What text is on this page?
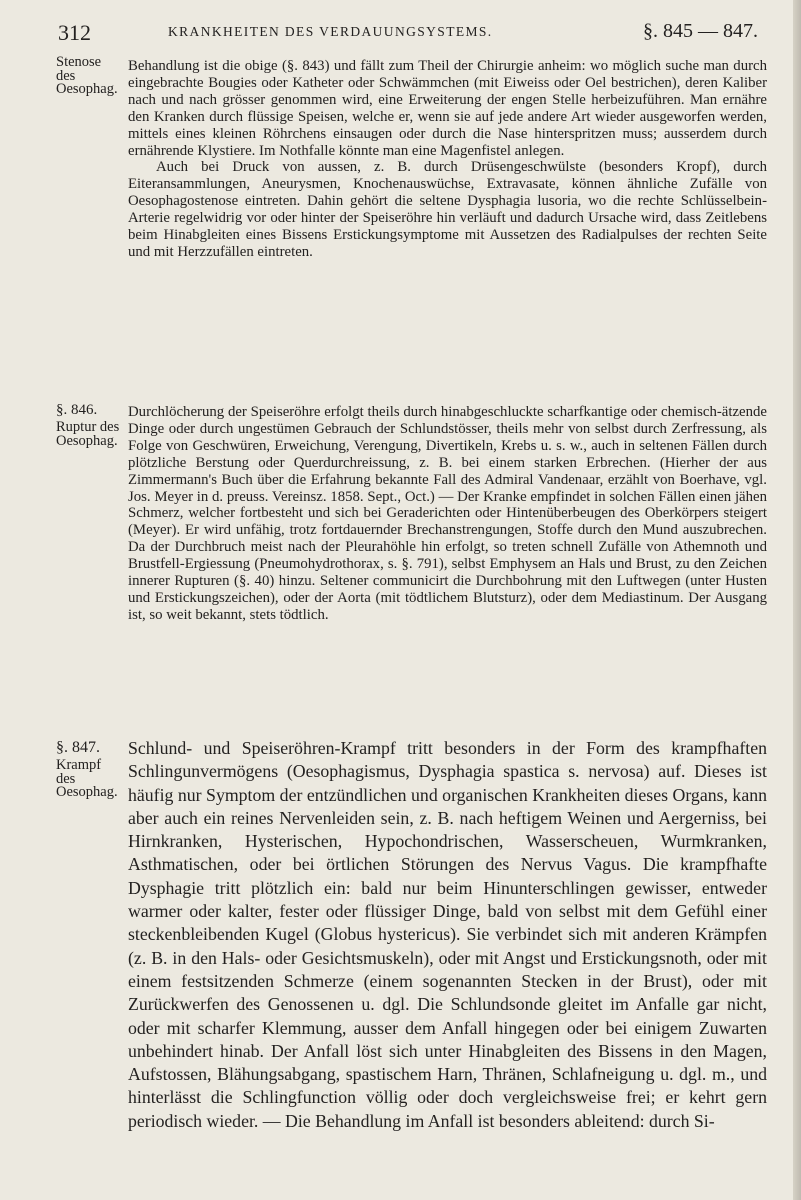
312	KRANKHEITEN DES VERDAUUNGSYSTEMS.	§. 845 — 847.
Stenose des Oesophag.

Behandlung ist die obige (§. 843) und fällt zum Theil der Chirurgie anheim: wo möglich suche man durch eingebrachte Bougies oder Katheter oder Schwämmchen (mit Eiweiss oder Oel bestrichen), deren Kaliber nach und nach grösser genommen wird, eine Erweiterung der engen Stelle herbeizuführen. Man ernähre den Kranken durch flüssige Speisen, welche er, wenn sie auf jede andere Art wieder ausgeworfen werden, mittels eines kleinen Röhrchens einsaugen oder durch die Nase hinterspritzen muss; ausserdem durch ernährende Klystiere. Im Nothfalle könnte man eine Magenfistel anlegen.

Auch bei Druck von aussen, z. B. durch Drüsengeschwülste (besonders Kropf), durch Eiteransammlungen, Aneurysmen, Knochenauswüchse, Extravasate, können ähnliche Zufälle von Oesophagostenose eintreten. Dahin gehört die seltene Dysphagia lusoria, wo die rechte Schlüsselbein-Arterie regelwidrig vor oder hinter der Speiseröhre hin verläuft und dadurch Ursache wird, dass Zeitlebens beim Hinabgleiten eines Bissens Erstickungsymptome mit Aussetzen des Radialpulses der rechten Seite und mit Herzzufällen eintreten.

§. 846.
Ruptur des Oesophag.

Durchlöcherung der Speiseröhre erfolgt theils durch hinabgeschluckte scharfkantige oder chemisch-ätzende Dinge oder durch ungestümen Gebrauch der Schlundstösser, theils mehr von selbst durch Zerfressung, als Folge von Geschwüren, Erweichung, Verengung, Divertikeln, Krebs u. s. w., auch in seltenen Fällen durch plötzliche Berstung oder Querdurchreissung, z. B. bei einem starken Erbrechen. (Hierher der aus Zimmermann's Buch über die Erfahrung bekannte Fall des Admiral Vandenaar, erzählt von Boerhave, vgl. Jos. Meyer in d. preuss. Vereinsz. 1858. Sept., Oct.) — Der Kranke empfindet in solchen Fällen einen jähen Schmerz, welcher fortbesteht und sich bei Geraderichten oder Hintenüberbeugen des Oberkörpers steigert (Meyer). Er wird unfähig, trotz fortdauernder Brechanstrengungen, Stoffe durch den Mund auszubrechen. Da der Durchbruch meist nach der Pleurahöhle hin erfolgt, so treten schnell Zufälle von Athemnoth und Brustfell-Ergiessung (Pneumohydrothorax, s. §. 791), selbst Emphysem an Hals und Brust, zu den Zeichen innerer Rupturen (§. 40) hinzu. Seltener communicirt die Durchbohrung mit den Luftwegen (unter Husten und Erstickungszeichen), oder der Aorta (mit tödtlichem Blutsturz), oder dem Mediastinum. Der Ausgang ist, so weit bekannt, stets tödtlich.

§. 847.
Krampf des Oesophag.

Schlund- und Speiseröhren-Krampf tritt besonders in der Form des krampfhaften Schlingunvermögens (Oesophagismus, Dysphagia spastica s. nervosa) auf. Dieses ist häufig nur Symptom der entzündlichen und organischen Krankheiten dieses Organs, kann aber auch ein reines Nervenleiden sein, z. B. nach heftigem Weinen und Aergerniss, bei Hirnkranken, Hysterischen, Hypochondrischen, Wasserscheuen, Wurmkranken, Asthmatischen, oder bei örtlichen Störungen des Nervus Vagus. Die krampfhafte Dysphagie tritt plötzlich ein: bald nur beim Hinunterschlingen gewisser, entweder warmer oder kalter, fester oder flüssiger Dinge, bald von selbst mit dem Gefühl einer steckenbleibenden Kugel (Globus hystericus). Sie verbindet sich mit anderen Krämpfen (z. B. in den Hals- oder Gesichtsmuskeln), oder mit Angst und Erstickungsnoth, oder mit einem festsitzenden Schmerze (einem sogenannten Stecken in der Brust), oder mit Zurückwerfen des Genossenen u. dgl. Die Schlundsonde gleitet im Anfalle gar nicht, oder mit scharfer Klemmung, ausser dem Anfall hingegen oder bei einigem Zuwarten unbehindert hinab. Der Anfall löst sich unter Hinabgleiten des Bissens in den Magen, Aufstossen, Blähungsabgang, spastischem Harn, Thränen, Schlafneigung u. dgl. m., und hinterlässt die Schlingfunction völlig oder doch vergleichsweise frei; er kehrt gern periodisch wieder. — Die Behandlung im Anfall ist besonders ableitend: durch Si-
